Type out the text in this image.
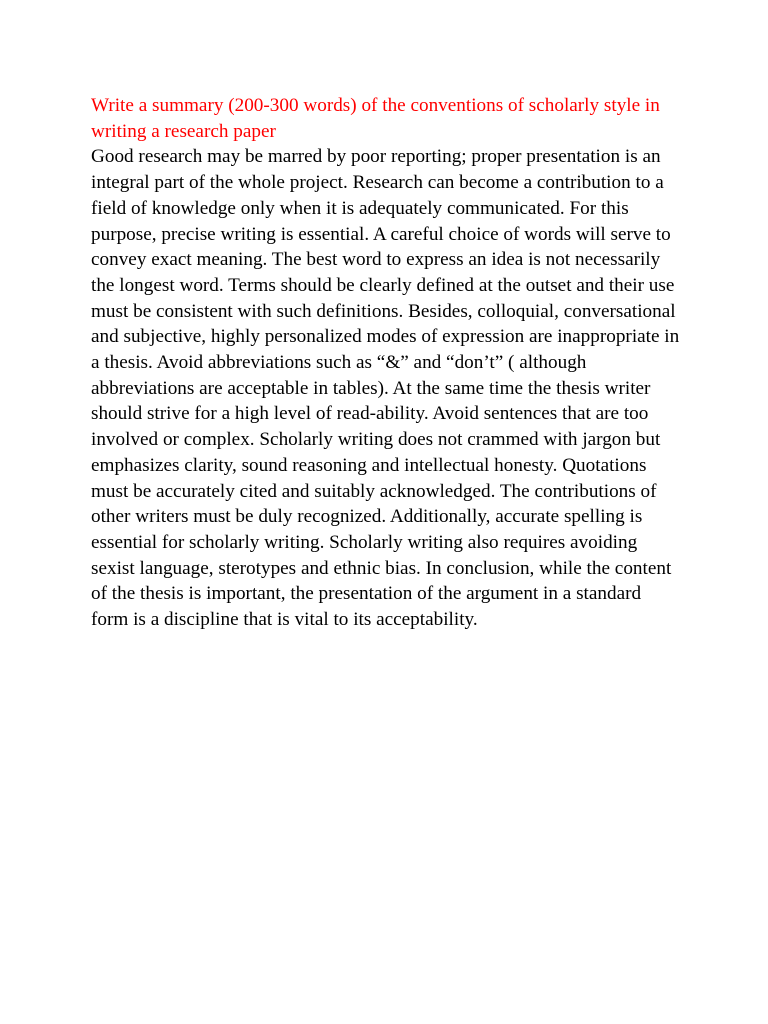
Write a summary (200-300 words) of the conventions of scholarly style in writing a research paper

Good research may be marred by poor reporting; proper presentation is an integral part of the whole project. Research can become a contribution to a field of knowledge only when it is adequately communicated. For this purpose, precise writing is essential. A careful choice of words will serve to convey exact meaning. The best word to express an idea is not necessarily the longest word. Terms should be clearly defined at the outset and their use must be consistent with such definitions. Besides, colloquial, conversational and subjective, highly personalized modes of expression are inappropriate in a thesis. Avoid abbreviations such as “&” and “don’t” ( although abbreviations are acceptable in tables). At the same time the thesis writer should strive for a high level of read-ability. Avoid sentences that are too involved or complex. Scholarly writing does not crammed with jargon but emphasizes clarity, sound reasoning and intellectual honesty. Quotations must be accurately cited and suitably acknowledged. The contributions of other writers must be duly recognized. Additionally, accurate spelling is essential for scholarly writing. Scholarly writing also requires avoiding sexist language, sterotypes and ethnic bias. In conclusion, while the content of the thesis is important, the presentation of the argument in a standard form is a discipline that is vital to its acceptability.
